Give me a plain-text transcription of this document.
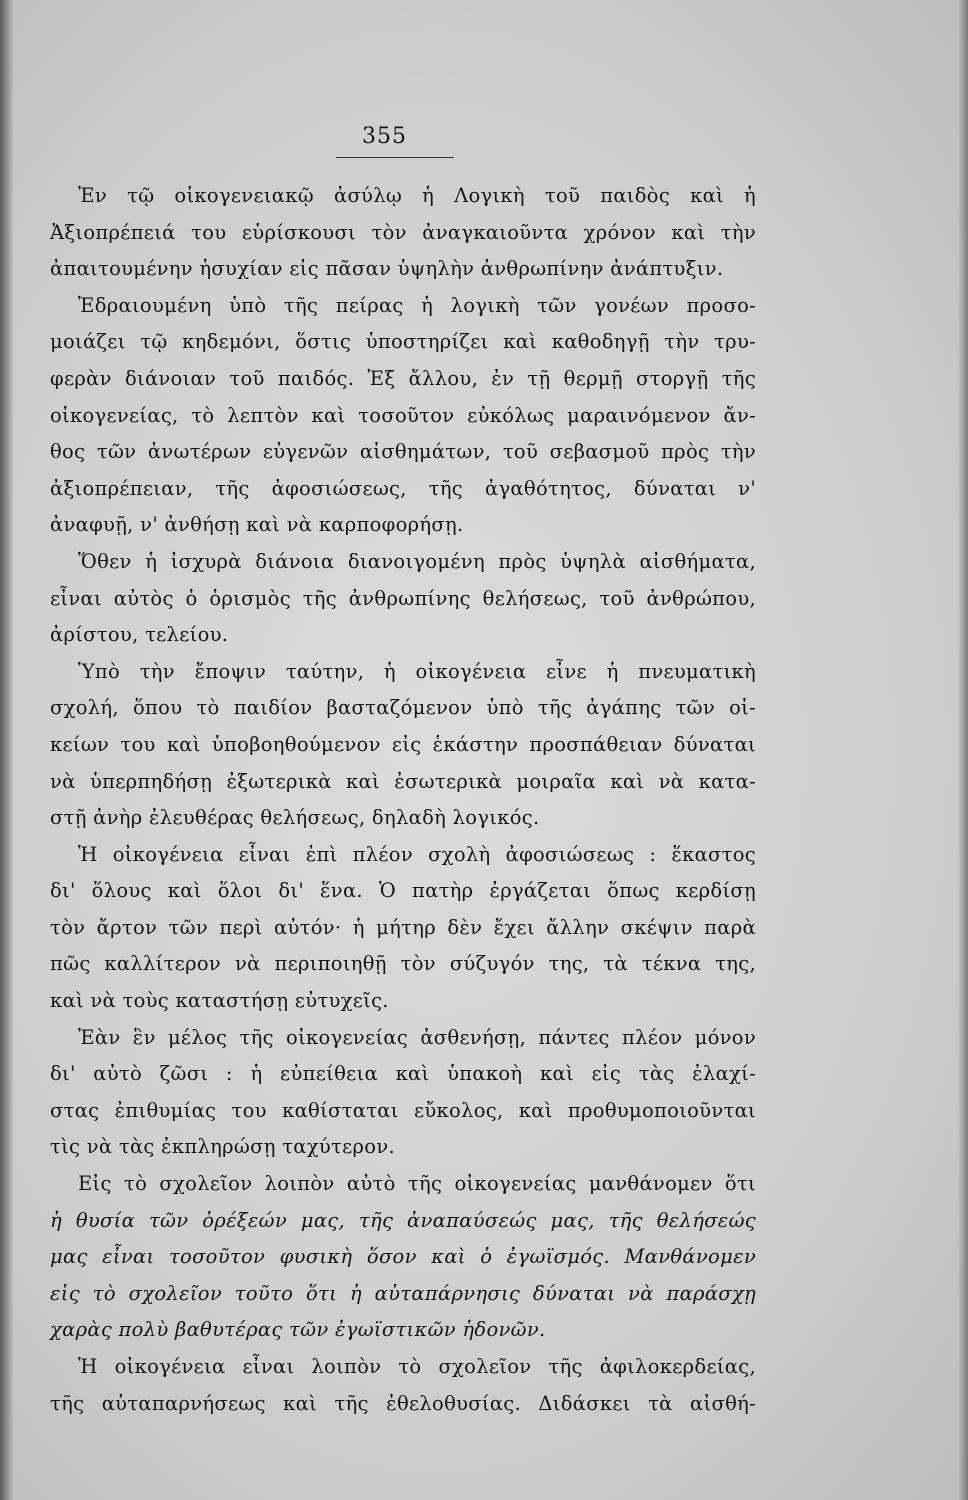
355
Ἐν τῷ οἰκογενειακῷ ἀσύλῳ ἡ Λογικὴ τοῦ παιδὸς καὶ ἡ
Ἀξιοπρέπειά του εὑρίσκουσι τὸν ἀναγκαιοῦντα χρόνον καὶ τὴν
ἀπαιτουμένην ἡσυχίαν εἰς πᾶσαν ὑψηλὴν ἀνθρωπίνην ἀνάπτυξιν.
Ἑδραιουμένη ὑπὸ τῆς πείρας ἡ λογικὴ τῶν γονέων προσο-
μοιάζει τῷ κηδεμόνι, ὅστις ὑποστηρίζει καὶ καθοδηγῇ τὴν τρυ-
φερὰν διάνοιαν τοῦ παιδός. Ἐξ ἄλλου, ἐν τῇ θερμῇ στοργῇ τῆς
οἰκογενείας, τὸ λεπτὸν καὶ τοσοῦτον εὐκόλως μαραινόμενον ἄν-
θος τῶν ἀνωτέρων εὐγενῶν αἰσθημάτων, τοῦ σεβασμοῦ πρὸς τὴν
ἀξιοπρέπειαν, τῆς ἀφοσιώσεως, τῆς ἀγαθότητος, δύναται ν'
ἀναφυῇ, ν' ἀνθήσῃ καὶ νὰ καρποφορήσῃ.
Ὅθεν ἡ ἰσχυρὰ διάνοια διανοιγομένη πρὸς ὑψηλὰ αἰσθήματα,
εἶναι αὐτὸς ὁ ὁρισμὸς τῆς ἀνθρωπίνης θελήσεως, τοῦ ἀνθρώπου,
ἀρίστου, τελείου.
Ὑπὸ τὴν ἔποψιν ταύτην, ἡ οἰκογένεια εἶνε ἡ πνευματικὴ
σχολή, ὅπου τὸ παιδίον βασταζόμενον ὑπὸ τῆς ἀγάπης τῶν οἰ-
κείων του καὶ ὑποβοηθούμενον εἰς ἑκάστην προσπάθειαν δύναται
νὰ ὑπερπηδήσῃ ἐξωτερικὰ καὶ ἐσωτερικὰ μοιραῖα καὶ νὰ κατα-
στῇ ἀνὴρ ἐλευθέρας θελήσεως, δηλαδὴ λογικός.
Ἡ οἰκογένεια εἶναι ἐπὶ πλέον σχολὴ ἀφοσιώσεως : ἕκαστος
δι' ὅλους καὶ ὅλοι δι' ἕνα. Ὁ πατὴρ ἐργάζεται ὅπως κερδίσῃ
τὸν ἄρτον τῶν περὶ αὐτόν· ἡ μήτηρ δὲν ἔχει ἄλλην σκέψιν παρὰ
πῶς καλλίτερον νὰ περιποιηθῇ τὸν σύζυγόν της, τὰ τέκνα της,
καὶ νὰ τοὺς καταστήσῃ εὐτυχεῖς.
Ἐὰν ἓν μέλος τῆς οἰκογενείας ἀσθενήσῃ, πάντες πλέον μόνον
δι' αὐτὸ ζῶσι : ἡ εὐπείθεια καὶ ὑπακοὴ καὶ εἰς τὰς ἐλαχί-
στας ἐπιθυμίας του καθίσταται εὔκολος, καὶ προθυμοποιοῦνται
τὶς νὰ τὰς ἐκπληρώσῃ ταχύτερον.
Εἰς τὸ σχολεῖον λοιπὸν αὐτὸ τῆς οἰκογενείας μανθάνομεν ὅτι
ἡ θυσία τῶν ὀρέξεών μας, τῆς ἀναπαύσεώς μας, τῆς θελήσεώς
μας εἶναι τοσοῦτον φυσικὴ ὅσον καὶ ὁ ἐγωϊσμός. Μανθάνομεν
εἰς τὸ σχολεῖον τοῦτο ὅτι ἡ αὐταπάρνησις δύναται νὰ παράσχῃ
χαρὰς πολὺ βαθυτέρας τῶν ἐγωϊστικῶν ἡδονῶν.
Ἡ οἰκογένεια εἶναι λοιπὸν τὸ σχολεῖον τῆς ἀφιλοκερδείας,
τῆς αὐταπαρνήσεως καὶ τῆς ἐθελοθυσίας. Διδάσκει τὰ αἰσθή-
